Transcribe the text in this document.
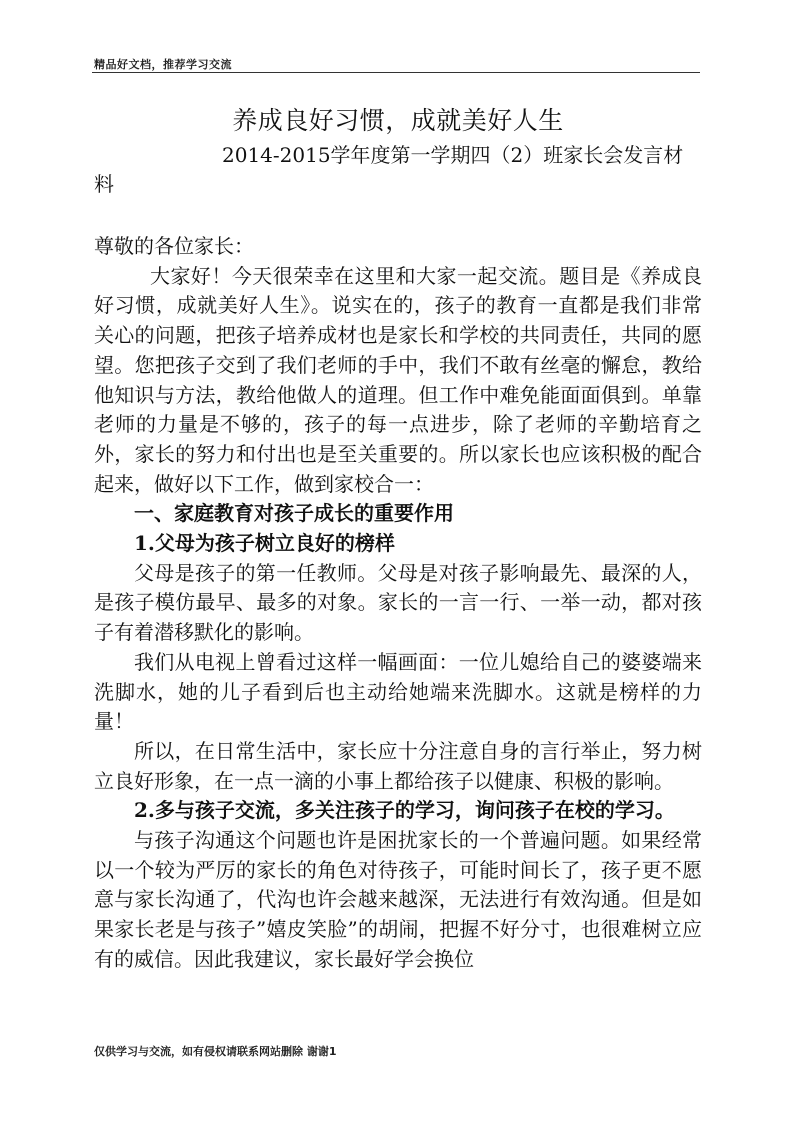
精品好文档，推荐学习交流
养成良好习惯，成就美好人生
2014-2015学年度第一学期四（2）班家长会发言材料

尊敬的各位家长：

大家好！今天很荣幸在这里和大家一起交流。题目是《养成良好习惯，成就美好人生》。说实在的，孩子的教育一直都是我们非常关心的问题，把孩子培养成材也是家长和学校的共同责任，共同的愿望。您把孩子交到了我们老师的手中，我们不敢有丝毫的懈怠，教给他知识与方法，教给他做人的道理。但工作中难免能面面俱到。单靠老师的力量是不够的，孩子的每一点进步，除了老师的辛勤培育之外，家长的努力和付出也是至关重要的。所以家长也应该积极的配合起来，做好以下工作，做到家校合一：

一、家庭教育对孩子成长的重要作用

1.父母为孩子树立良好的榜样

父母是孩子的第一任教师。父母是对孩子影响最先、最深的人，是孩子模仿最早、最多的对象。家长的一言一行、一举一动，都对孩子有着潜移默化的影响。

我们从电视上曾看过这样一幅画面：一位儿媳给自己的婆婆端来洗脚水，她的儿子看到后也主动给她端来洗脚水。这就是榜样的力量！

所以，在日常生活中，家长应十分注意自身的言行举止，努力树立良好形象，在一点一滴的小事上都给孩子以健康、积极的影响。

2.多与孩子交流，多关注孩子的学习，询问孩子在校的学习。

与孩子沟通这个问题也许是困扰家长的一个普遍问题。如果经常以一个较为严厉的家长的角色对待孩子，可能时间长了，孩子更不愿意与家长沟通了，代沟也许会越来越深，无法进行有效沟通。但是如果家长老是与孩子”嬉皮笑脸”的胡闹，把握不好分寸，也很难树立应有的威信。因此我建议，家长最好学会换位

仅供学习与交流，如有侵权请联系网站删除 谢谢1
